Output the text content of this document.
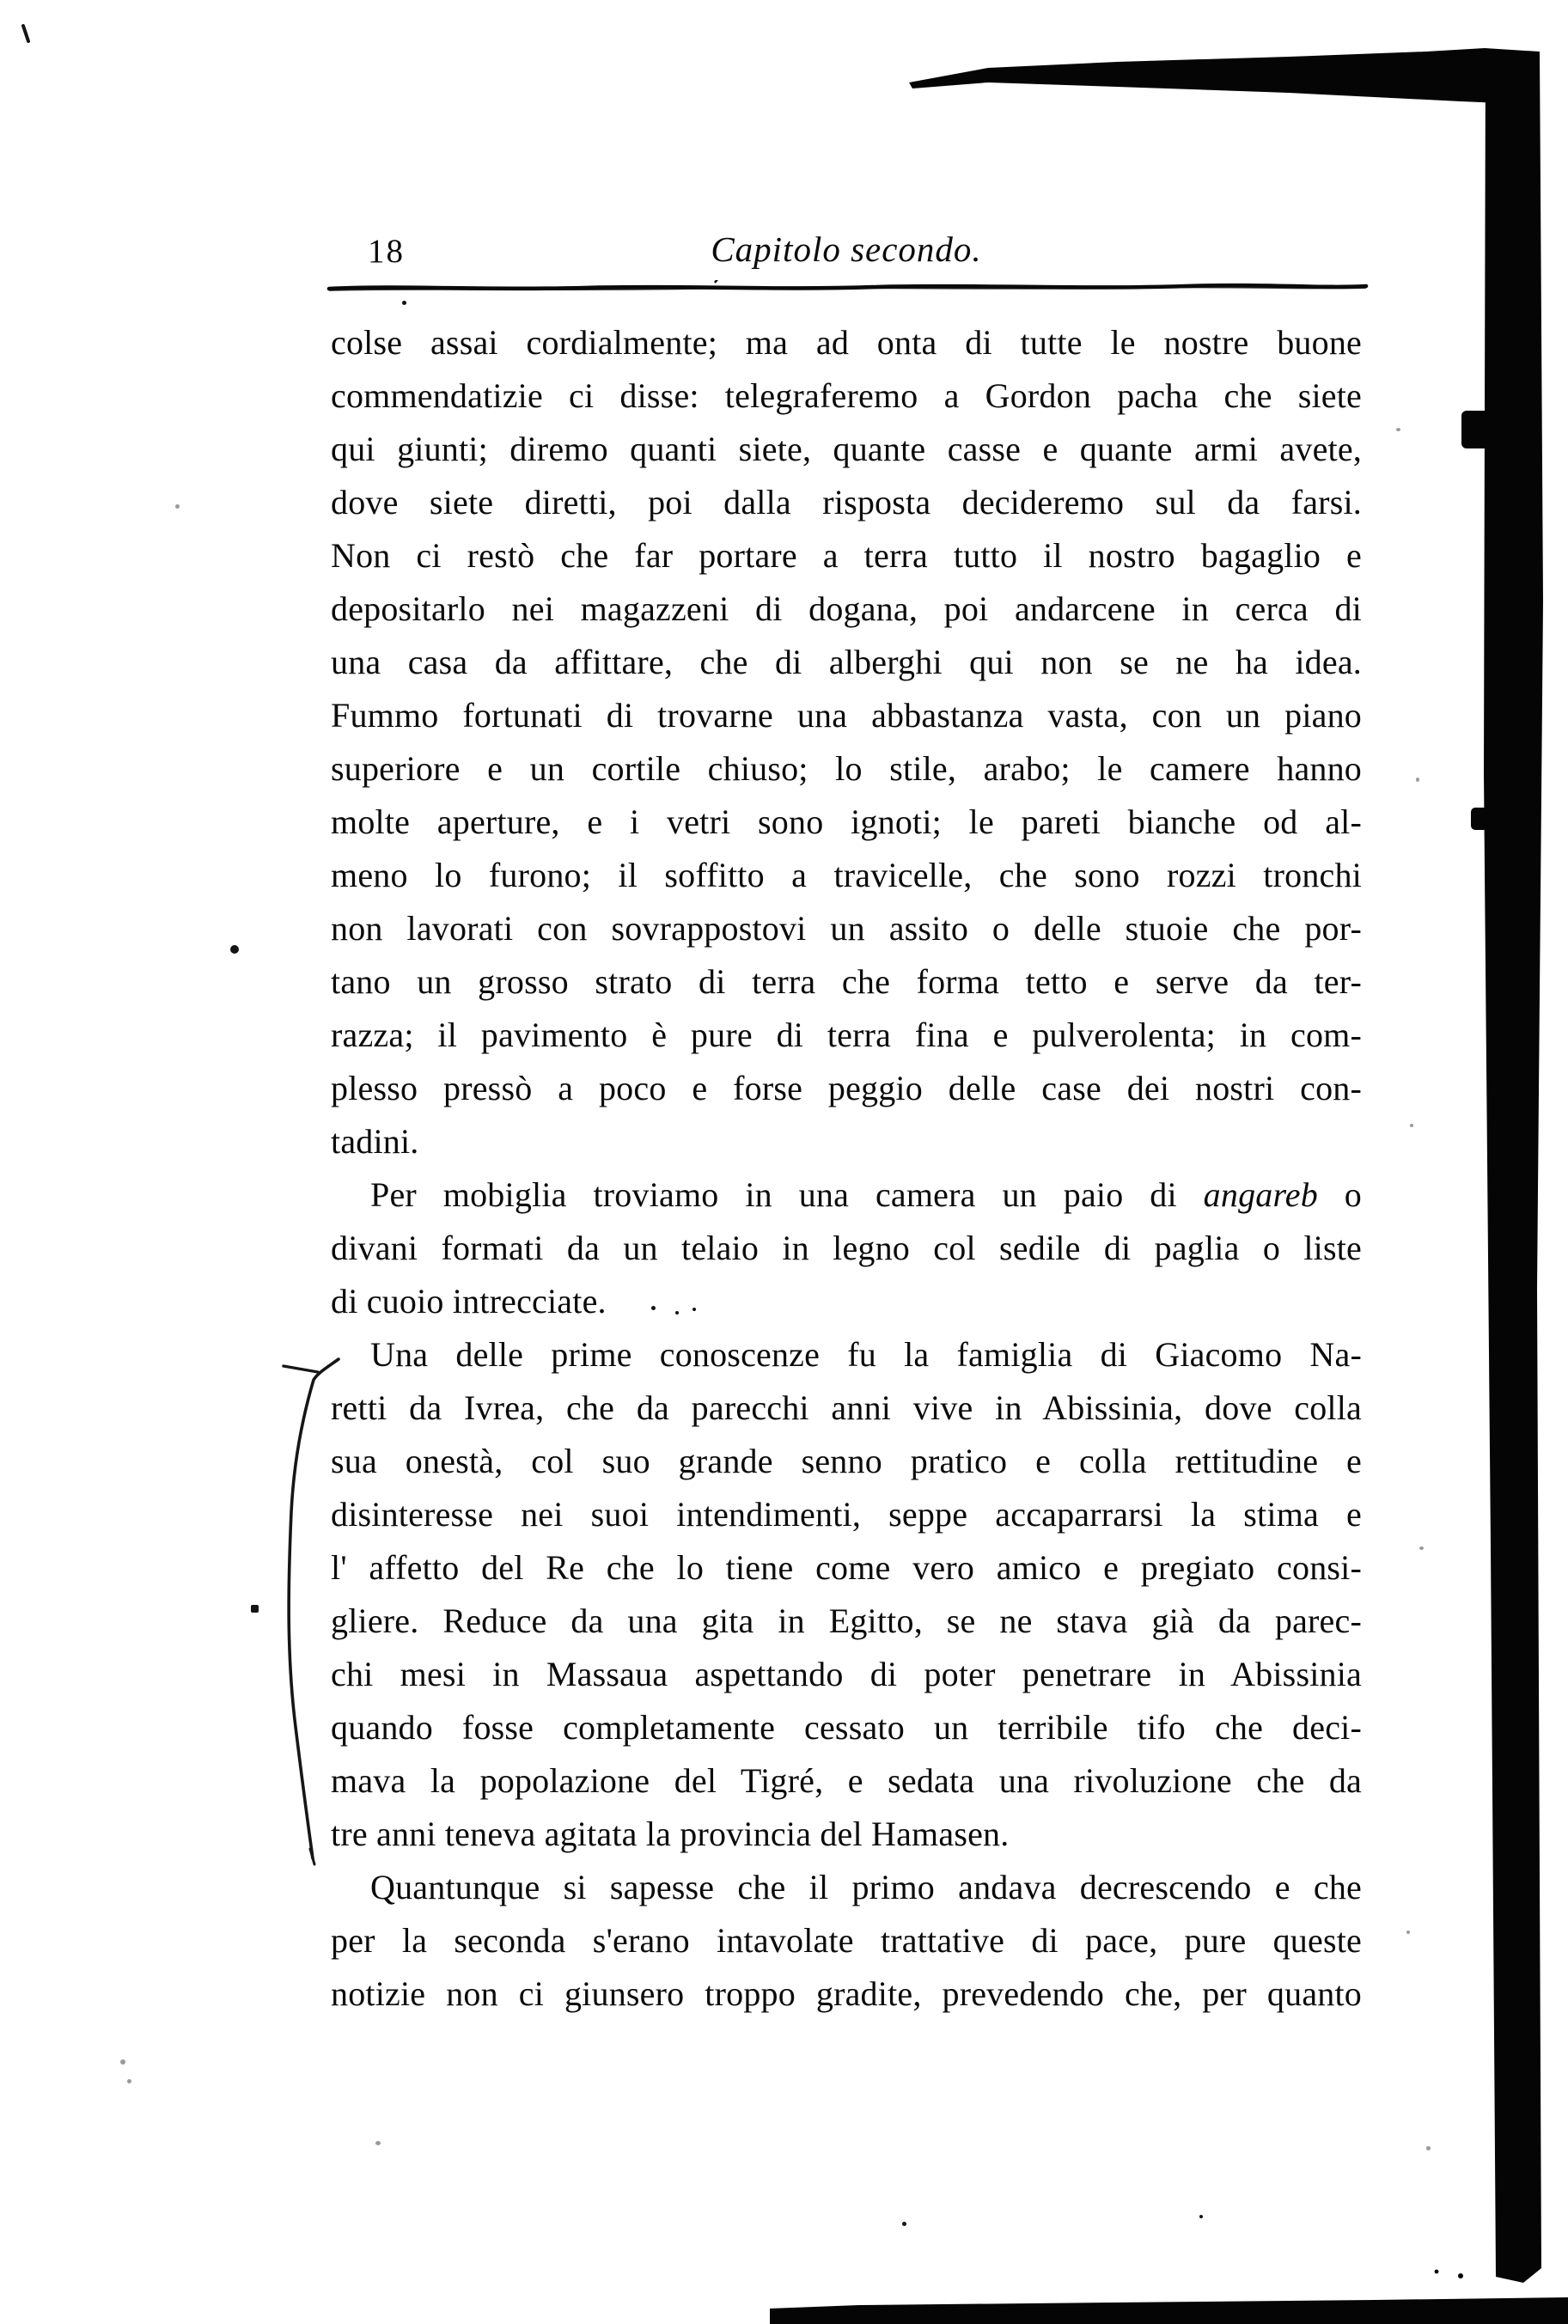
18	Capitolo secondo.
colse assai cordialmente; ma ad onta di tutte le nostre buone
commendatizie ci disse: telegraferemo a Gordon pacha che siete
qui giunti; diremo quanti siete, quante casse e quante armi avete,
dove siete diretti, poi dalla risposta decideremo sul da farsi.
Non ci restò che far portare a terra tutto il nostro bagaglio e
depositarlo nei magazzeni di dogana, poi andarcene in cerca di
una casa da affittare, che di alberghi qui non se ne ha idea.
Fummo fortunati di trovarne una abbastanza vasta, con un piano
superiore e un cortile chiuso; lo stile, arabo; le camere hanno
molte aperture, e i vetri sono ignoti; le pareti bianche od al-
meno lo furono; il soffitto a travicelle, che sono rozzi tronchi
non lavorati con sovrappostovi un assito o delle stuoie che por-
tano un grosso strato di terra che forma tetto e serve da ter-
razza; il pavimento è pure di terra fina e pulverolenta; in com-
plesso pressò a poco e forse peggio delle case dei nostri con-
tadini.
Per mobiglia troviamo in una camera un paio di angareb o
divani formati da un telaio in legno col sedile di paglia o liste
di cuoio intrecciate.
Una delle prime conoscenze fu la famiglia di Giacomo Na-
retti da Ivrea, che da parecchi anni vive in Abissinia, dove colla
sua onestà, col suo grande senno pratico e colla rettitudine e
disinteresse nei suoi intendimenti, seppe accaparrarsi la stima e
l' affetto del Re che lo tiene come vero amico e pregiato consi-
gliere. Reduce da una gita in Egitto, se ne stava già da parec-
chi mesi in Massaua aspettando di poter penetrare in Abissinia
quando fosse completamente cessato un terribile tifo che deci-
mava la popolazione del Tigré, e sedata una rivoluzione che da
tre anni teneva agitata la provincia del Hamasen.
Quantunque si sapesse che il primo andava decrescendo e che
per la seconda s'erano intavolate trattative di pace, pure queste
notizie non ci giunsero troppo gradite, prevedendo che, per quanto
